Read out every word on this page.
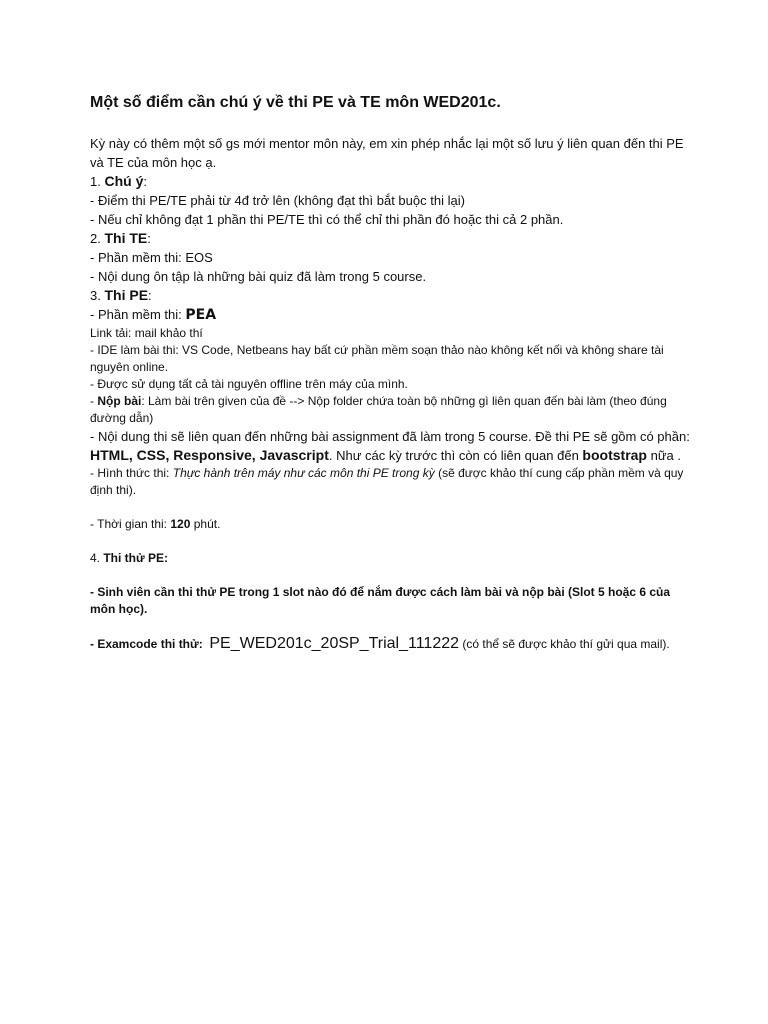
Một số điểm cần chú ý về thi PE và TE môn WED201c.

Kỳ này có thêm một số gs mới mentor môn này, em xin phép nhắc lại một số lưu ý liên quan đến thi PE và TE của môn học ạ.

1. Chú ý:

- Điểm thi PE/TE phải từ 4đ trở lên (không đạt thì bắt buộc thi lại)

- Nếu chỉ không đạt 1 phần thi PE/TE thì có thể chỉ thi phần đó hoặc thi cả 2 phần.

2. Thi TE:

- Phần mềm thi: EOS

- Nội dung ôn tập là những bài quiz đã làm trong 5 course.

3. Thi PE:

- Phần mềm thi: PEA

Link tải: mail khảo thí

- IDE làm bài thi: VS Code, Netbeans hay bất cứ phần mềm soạn thảo nào không kết nối và không share tài nguyên online.

- Được sử dụng tất cả tài nguyên offline trên máy của mình.

- Nộp bài: Làm bài trên given của đề --> Nộp folder chứa toàn bộ những gì liên quan đến bài làm (theo đúng đường dẫn)

- Nội dung thi sẽ liên quan đến những bài assignment đã làm trong 5 course. Đề thi PE sẽ gồm có phần: HTML, CSS, Responsive, Javascript. Như các kỳ trước thì còn có liên quan đến bootstrap nữa .

- Hình thức thi: Thực hành trên máy như các môn thi PE trong kỳ (sẽ được khảo thí cung cấp phần mềm và quy định thi).

- Thời gian thi: 120 phút.

4. Thi thử PE:

- Sinh viên cần thi thử PE trong 1 slot nào đó để nắm được cách làm bài và nộp bài (Slot 5 hoặc 6 của môn học).

- Examcode thi thử: PE_WED201c_20SP_Trial_111222 (có thể sẽ được khảo thí gửi qua mail).
